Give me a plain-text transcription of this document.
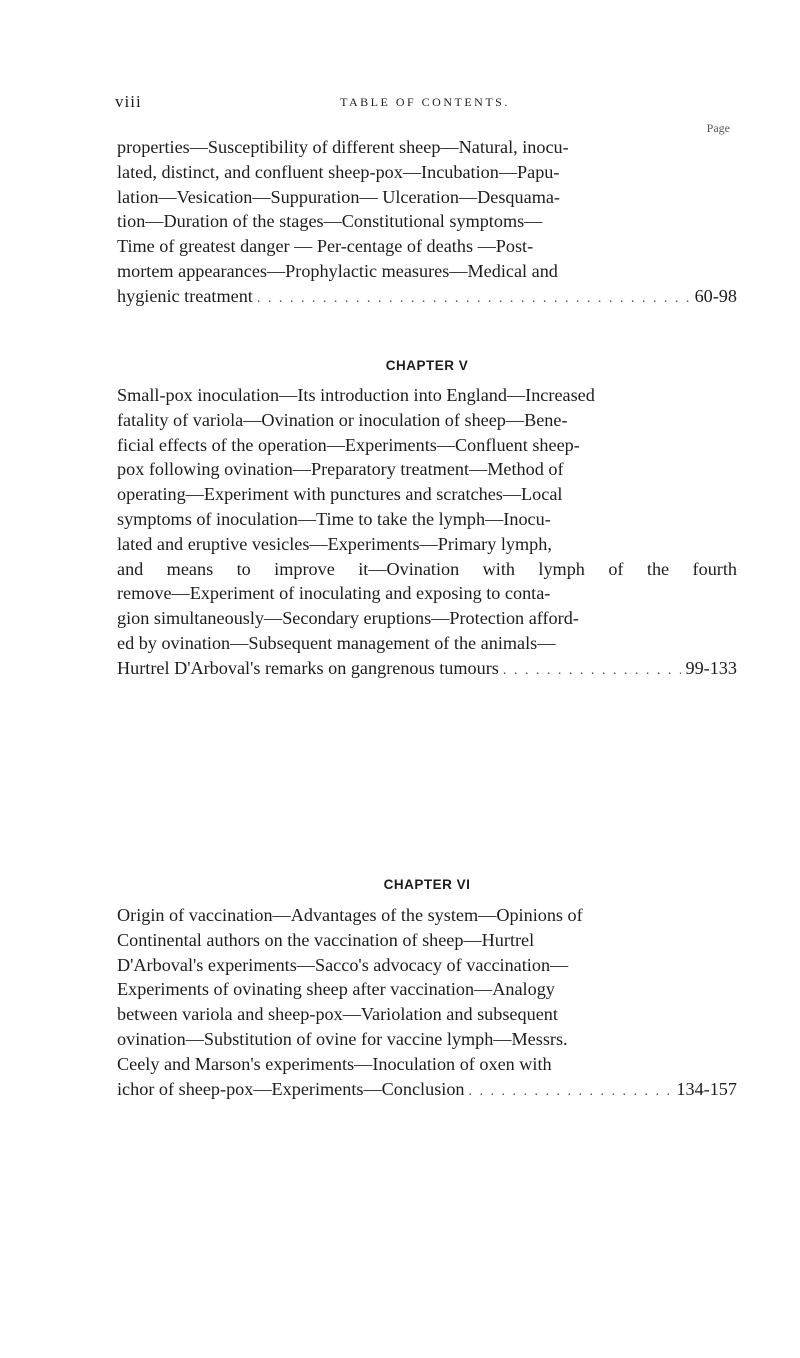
viii	TABLE OF CONTENTS.
Page
properties—Susceptibility of different sheep—Natural, inocu-
lated, distinct, and confluent sheep-pox—Incubation—Papu-
lation—Vesication—Suppuration— Ulceration—Desquama-
tion—Duration of the stages—Constitutional symptoms—
Time of greatest danger — Per-centage of deaths —Post-
mortem appearances—Prophylactic measures—Medical and
hygienic treatment . . .	60-98
CHAPTER V
Small-pox inoculation—Its introduction into England—Increased
fatality of variola—Ovination or inoculation of sheep—Bene-
ficial effects of the operation—Experiments—Confluent sheep-
pox following ovination—Preparatory treatment—Method of
operating—Experiment with punctures and scratches—Local
symptoms of inoculation—Time to take the lymph—Inocu-
lated and eruptive vesicles—Experiments—Primary lymph,
and means to improve it—Ovination with lymph of the fourth
remove—Experiment of inoculating and exposing to conta-
gion simultaneously—Secondary eruptions—Protection afford-
ed by ovination—Subsequent management of the animals—
Hurtrel D'Arboval's remarks on gangrenous tumours . . .	99-133
CHAPTER VI
Origin of vaccination—Advantages of the system—Opinions of
Continental authors on the vaccination of sheep—Hurtrel
D'Arboval's experiments—Sacco's advocacy of vaccination—
Experiments of ovinating sheep after vaccination—Analogy
between variola and sheep-pox—Variolation and subsequent
ovination—Substitution of ovine for vaccine lymph—Messrs.
Ceely and Marson's experiments—Inoculation of oxen with
ichor of sheep-pox—Experiments—Conclusion . . .	134-157
